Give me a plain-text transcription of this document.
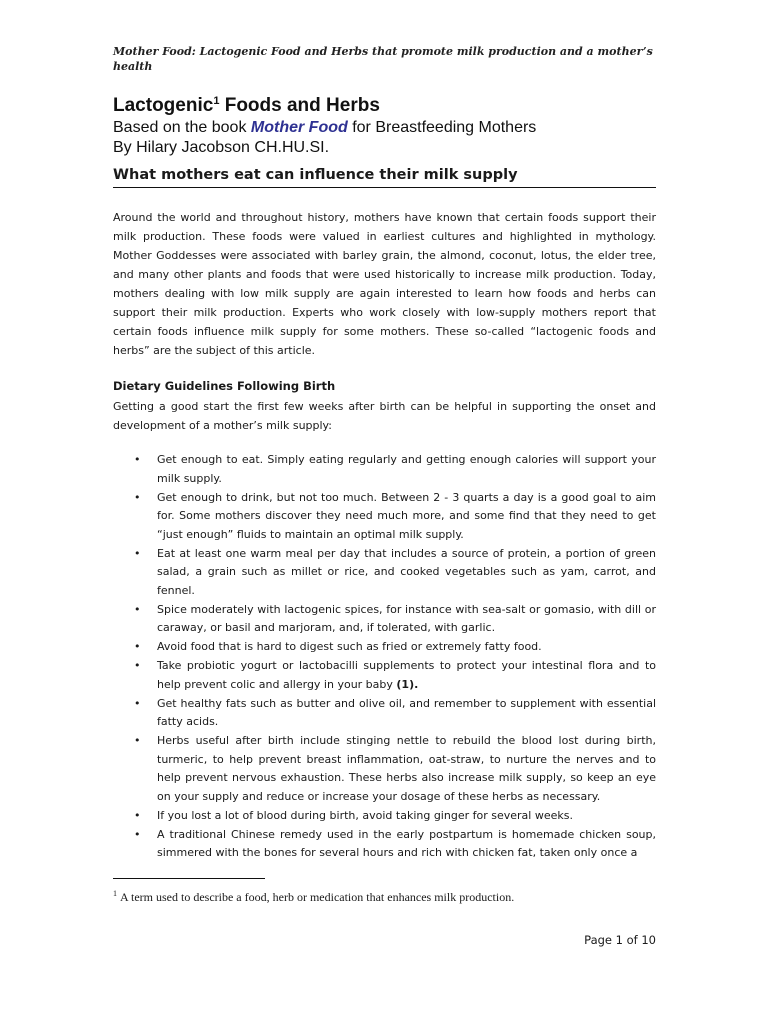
Mother Food: Lactogenic Food and Herbs that promote milk production and a mother’s health
Lactogenic$^1$ Foods and Herbs
Based on the book Mother Food for Breastfeeding Mothers
By Hilary Jacobson CH.HU.SI.
What mothers eat can influence their milk supply

Around the world and throughout history, mothers have known that certain foods support their milk production. These foods were valued in earliest cultures and highlighted in mythology. Mother Goddesses were associated with barley grain, the almond, coconut, lotus, the elder tree, and many other plants and foods that were used historically to increase milk production. Today, mothers dealing with low milk supply are again interested to learn how foods and herbs can support their milk production. Experts who work closely with low-supply mothers report that certain foods influence milk supply for some mothers. These so-called “lactogenic foods and herbs” are the subject of this article.

Dietary Guidelines Following Birth

Getting a good start the first few weeks after birth can be helpful in supporting the onset and development of a mother’s milk supply:

• Get enough to eat. Simply eating regularly and getting enough calories will support your milk supply.
• Get enough to drink, but not too much. Between 2 - 3 quarts a day is a good goal to aim for. Some mothers discover they need much more, and some find that they need to get “just enough” fluids to maintain an optimal milk supply.
• Eat at least one warm meal per day that includes a source of protein, a portion of green salad, a grain such as millet or rice, and cooked vegetables such as yam, carrot, and fennel.
• Spice moderately with lactogenic spices, for instance with sea-salt or gomasio, with dill or caraway, or basil and marjoram, and, if tolerated, with garlic.
• Avoid food that is hard to digest such as fried or extremely fatty food.
• Take probiotic yogurt or lactobacilli supplements to protect your intestinal flora and to help prevent colic and allergy in your baby (1).
• Get healthy fats such as butter and olive oil, and remember to supplement with essential fatty acids.
• Herbs useful after birth include stinging nettle to rebuild the blood lost during birth, turmeric, to help prevent breast inflammation, oat-straw, to nurture the nerves and to help prevent nervous exhaustion. These herbs also increase milk supply, so keep an eye on your supply and reduce or increase your dosage of these herbs as necessary.
• If you lost a lot of blood during birth, avoid taking ginger for several weeks.
• A traditional Chinese remedy used in the early postpartum is homemade chicken soup, simmered with the bones for several hours and rich with chicken fat, taken only once a
$^1$ A term used to describe a food, herb or medication that enhances milk production.
Page 1 of 10
